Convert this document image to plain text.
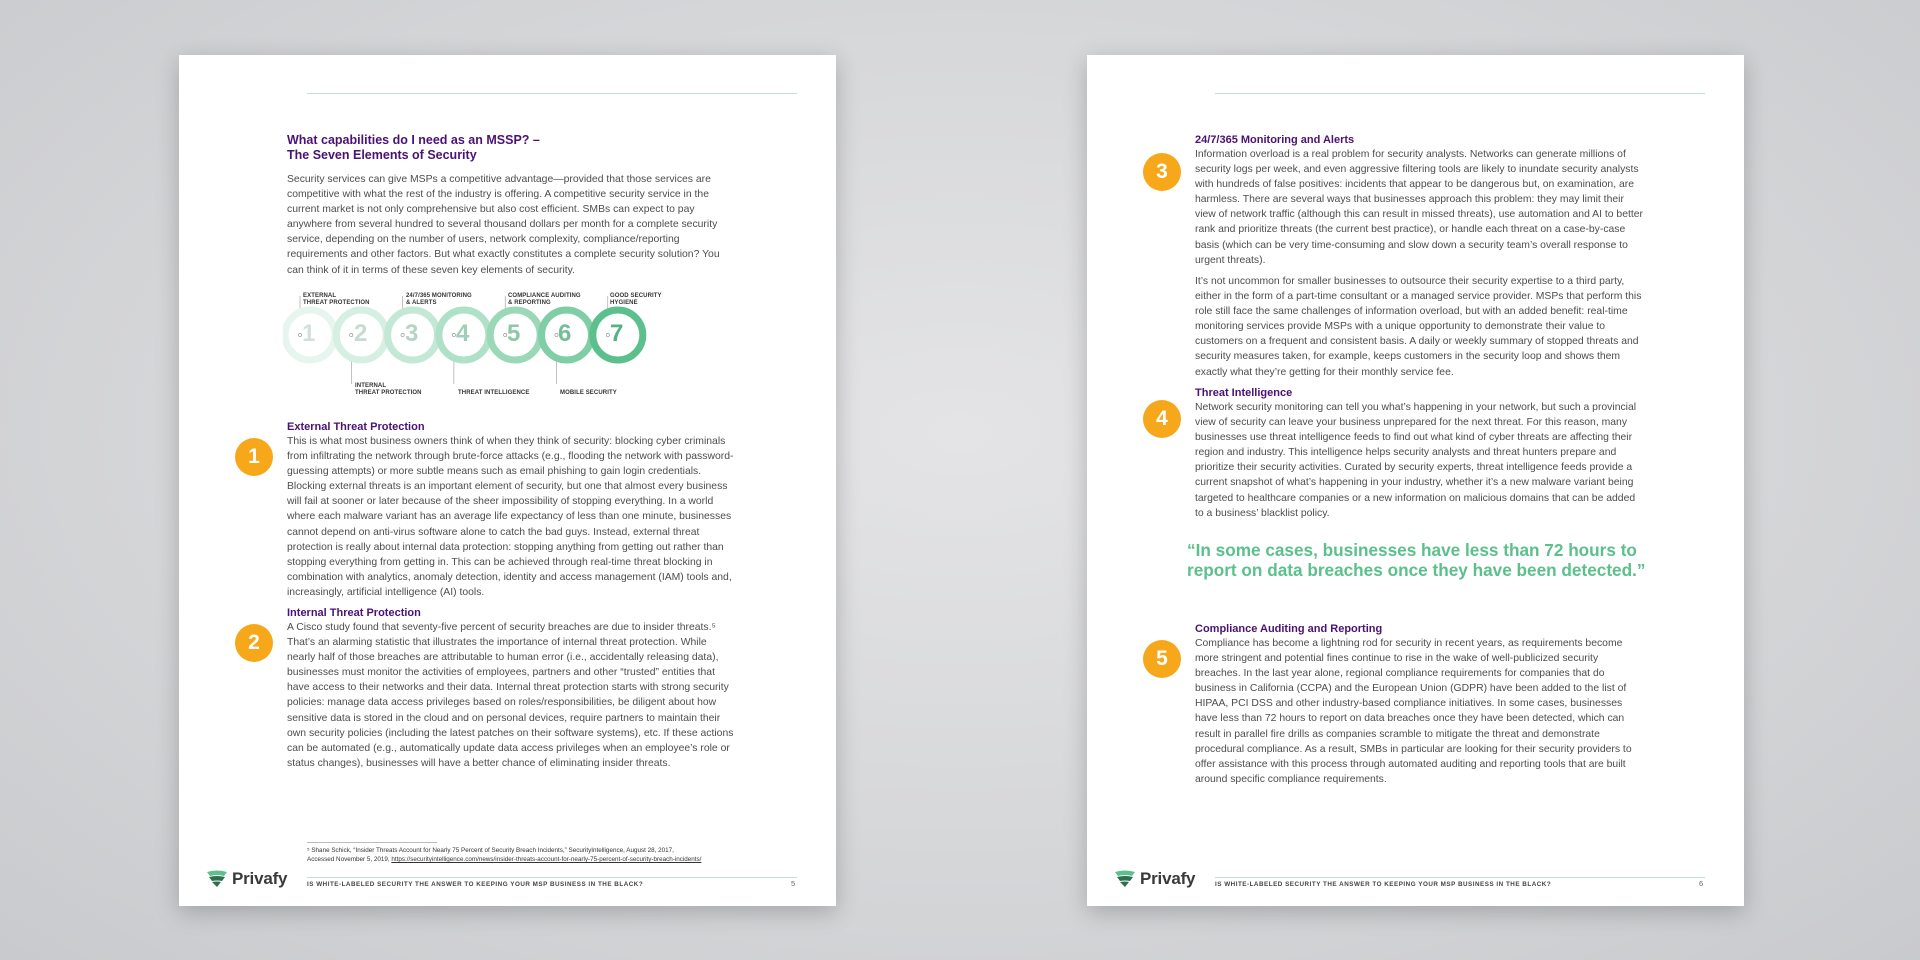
What capabilities do I need as an MSSP? –
The Seven Elements of Security

Security services can give MSPs a competitive advantage—provided that those services are competitive with what the rest of the industry is offering. A competitive security service in the current market is not only comprehensive but also cost efficient. SMBs can expect to pay anywhere from several hundred to several thousand dollars per month for a complete security service, depending on the number of users, network complexity, compliance/reporting requirements and other factors. But what exactly constitutes a complete security solution? You can think of it in terms of these seven key elements of security.

1 2 3 4 5 6 7
EXTERNAL
THREAT PROTECTION
24/7/365 MONITORING
& ALERTS
COMPLIANCE AUDITING
& REPORTING
GOOD SECURITY
HYGIENE
INTERNAL
THREAT PROTECTION	THREAT INTELLIGENCE	MOBILE SECURITY
1
External Threat Protection

This is what most business owners think of when they think of security: blocking cyber criminals from infiltrating the network through brute-force attacks (e.g., flooding the network with password-guessing attempts) or more subtle means such as email phishing to gain login credentials. Blocking external threats is an important element of security, but one that almost every business will fail at sooner or later because of the sheer impossibility of stopping everything. In a world where each malware variant has an average life expectancy of less than one minute, businesses cannot depend on anti-virus software alone to catch the bad guys. Instead, external threat protection is really about internal data protection: stopping anything from getting out rather than stopping everything from getting in. This can be achieved through real-time threat blocking in combination with analytics, anomaly detection, identity and access management (IAM) tools and, increasingly, artificial intelligence (AI) tools.

2
Internal Threat Protection

A Cisco study found that seventy-five percent of security breaches are due to insider threats.⁵ That’s an alarming statistic that illustrates the importance of internal threat protection. While nearly half of those breaches are attributable to human error (i.e., accidentally releasing data), businesses must monitor the activities of employees, partners and other “trusted” entities that have access to their networks and their data. Internal threat protection starts with strong security policies: manage data access privileges based on roles/responsibilities, be diligent about how sensitive data is stored in the cloud and on personal devices, require partners to maintain their own security policies (including the latest patches on their software systems), etc. If these actions can be automated (e.g., automatically update data access privileges when an employee’s role or status changes), businesses will have a better chance of eliminating insider threats.

⁵ Shane Schick, “Insider Threats Account for Nearly 75 Percent of Security Breach Incidents,” SecurityIntelligence, August 28, 2017,
Accessed November 5, 2019, https://securityintelligence.com/news/insider-threats-account-for-nearly-75-percent-of-security-breach-incidents/
Privafy	IS WHITE-LABELED SECURITY THE ANSWER TO KEEPING YOUR MSP BUSINESS IN THE BLACK?	5
3
24/7/365 Monitoring and Alerts

Information overload is a real problem for security analysts. Networks can generate millions of security logs per week, and even aggressive filtering tools are likely to inundate security analysts with hundreds of false positives: incidents that appear to be dangerous but, on examination, are harmless. There are several ways that businesses approach this problem: they may limit their view of network traffic (although this can result in missed threats), use automation and AI to better rank and prioritize threats (the current best practice), or handle each threat on a case-by-case basis (which can be very time-consuming and slow down a security team’s overall response to urgent threats).

It’s not uncommon for smaller businesses to outsource their security expertise to a third party, either in the form of a part-time consultant or a managed service provider. MSPs that perform this role still face the same challenges of information overload, but with an added benefit: real-time monitoring services provide MSPs with a unique opportunity to demonstrate their value to customers on a frequent and consistent basis. A daily or weekly summary of stopped threats and security measures taken, for example, keeps customers in the security loop and shows them exactly what they’re getting for their monthly service fee.

4
Threat Intelligence

Network security monitoring can tell you what’s happening in your network, but such a provincial view of security can leave your business unprepared for the next threat. For this reason, many businesses use threat intelligence feeds to find out what kind of cyber threats are affecting their region and industry. This intelligence helps security analysts and threat hunters prepare and prioritize their security activities. Curated by security experts, threat intelligence feeds provide a current snapshot of what’s happening in your industry, whether it’s a new malware variant being targeted to healthcare companies or a new information on malicious domains that can be added to a business’ blacklist policy.

“In some cases, businesses have less than 72 hours to report on data breaches once they have been detected.”

5
Compliance Auditing and Reporting

Compliance has become a lightning rod for security in recent years, as requirements become more stringent and potential fines continue to rise in the wake of well-publicized security breaches. In the last year alone, regional compliance requirements for companies that do business in California (CCPA) and the European Union (GDPR) have been added to the list of HIPAA, PCI DSS and other industry-based compliance initiatives. In some cases, businesses have less than 72 hours to report on data breaches once they have been detected, which can result in parallel fire drills as companies scramble to mitigate the threat and demonstrate procedural compliance. As a result, SMBs in particular are looking for their security providers to offer assistance with this process through automated auditing and reporting tools that are built around specific compliance requirements.

Privafy	IS WHITE-LABELED SECURITY THE ANSWER TO KEEPING YOUR MSP BUSINESS IN THE BLACK?	6
